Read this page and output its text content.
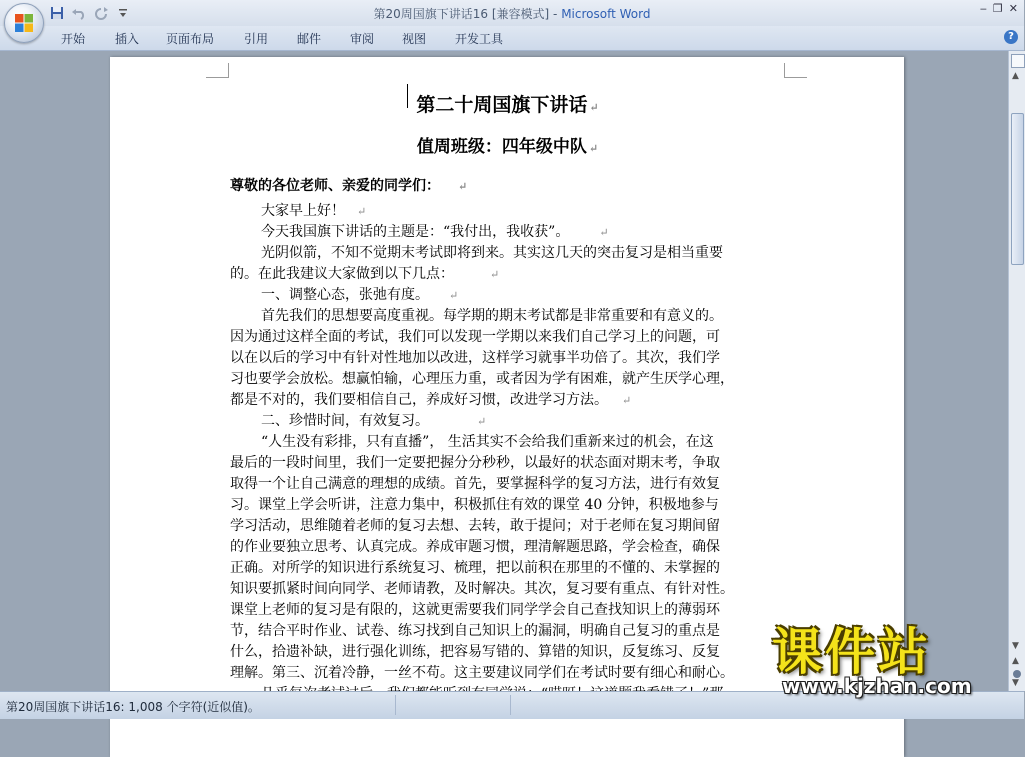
第20周国旗下讲话16 [兼容模式] - Microsoft Word	‒ ❐ ✕
开始 插入 页面布局 引用 邮件 审阅 视图 开发工具	?
第二十周国旗下讲话 ↵
值周班级：四年级中队 ↵
尊敬的各位老师、亲爱的同学们： ↵
大家早上好！ ↵
今天我国旗下讲话的主题是：“我付出，我收获”。	↵
光阴似箭，不知不觉期末考试即将到来。其实这几天的突击复习是相当重要
的。在此我建议大家做到以下几点：	↵
一、调整心态，张弛有度。 ↵
首先我们的思想要高度重视。每学期的期末考试都是非常重要和有意义的。
因为通过这样全面的考试，我们可以发现一学期以来我们自己学习上的问题，可
以在以后的学习中有针对性地加以改进，这样学习就事半功倍了。其次，我们学
习也要学会放松。想赢怕输，心理压力重，或者因为学有困难，就产生厌学心理，
都是不对的，我们要相信自己，养成好习惯，改进学习方法。 ↵
二、珍惜时间，有效复习。	↵
“人生没有彩排，只有直播”， 生活其实不会给我们重新来过的机会，在这
最后的一段时间里，我们一定要把握分分秒秒，以最好的状态面对期末考，争取
取得一个让自己满意的理想的成绩。首先，要掌握科学的复习方法，进行有效复
习。课堂上学会听讲，注意力集中，积极抓住有效的课堂 40 分钟，积极地参与
学习活动，思维随着老师的复习去想、去转，敢于提问；对于老师在复习期间留
的作业要独立思考、认真完成。养成审题习惯，理清解题思路，学会检查，确保
正确。对所学的知识进行系统复习、梳理，把以前积在那里的不懂的、未掌握的
知识要抓紧时间向同学、老师请教，及时解决。其次，复习要有重点、有针对性。
课堂上老师的复习是有限的，这就更需要我们同学学会自己查找知识上的薄弱环
节，结合平时作业、试卷、练习找到自己知识上的漏洞，明确自己复习的重点是
什么，拾遗补缺，进行强化训练，把容易写错的、算错的知识，反复练习、反复
理解。第三、沉着冷静，一丝不苟。这主要建议同学们在考试时要有细心和耐心。
▲
▼
▲
▼
第20周国旗下讲话16: 1,008 个字符(近似值)。
课件站
www.kjzhan.com
